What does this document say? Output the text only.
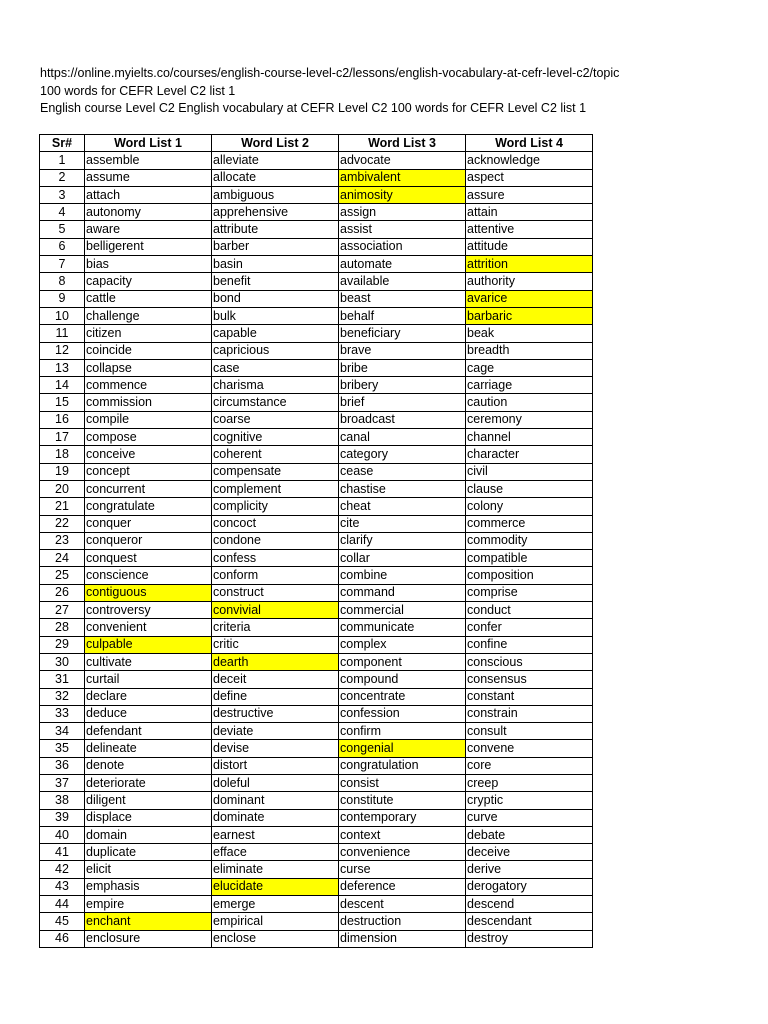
https://online.myielts.co/courses/english-course-level-c2/lessons/english-vocabulary-at-cefr-level-c2/topic
100 words for CEFR Level C2 list 1
English course Level C2 English vocabulary at CEFR Level C2 100 words for CEFR Level C2 list 1
Sr#	Word List 1	Word List 2	Word List 3	Word List 4
1	assemble	alleviate	advocate	acknowledge
2	assume	allocate	ambivalent	aspect
3	attach	ambiguous	animosity	assure
4	autonomy	apprehensive	assign	attain
5	aware	attribute	assist	attentive
6	belligerent	barber	association	attitude
7	bias	basin	automate	attrition
8	capacity	benefit	available	authority
9	cattle	bond	beast	avarice
10	challenge	bulk	behalf	barbaric
11	citizen	capable	beneficiary	beak
12	coincide	capricious	brave	breadth
13	collapse	case	bribe	cage
14	commence	charisma	bribery	carriage
15	commission	circumstance	brief	caution
16	compile	coarse	broadcast	ceremony
17	compose	cognitive	canal	channel
18	conceive	coherent	category	character
19	concept	compensate	cease	civil
20	concurrent	complement	chastise	clause
21	congratulate	complicity	cheat	colony
22	conquer	concoct	cite	commerce
23	conqueror	condone	clarify	commodity
24	conquest	confess	collar	compatible
25	conscience	conform	combine	composition
26	contiguous	construct	command	comprise
27	controversy	convivial	commercial	conduct
28	convenient	criteria	communicate	confer
29	culpable	critic	complex	confine
30	cultivate	dearth	component	conscious
31	curtail	deceit	compound	consensus
32	declare	define	concentrate	constant
33	deduce	destructive	confession	constrain
34	defendant	deviate	confirm	consult
35	delineate	devise	congenial	convene
36	denote	distort	congratulation	core
37	deteriorate	doleful	consist	creep
38	diligent	dominant	constitute	cryptic
39	displace	dominate	contemporary	curve
40	domain	earnest	context	debate
41	duplicate	efface	convenience	deceive
42	elicit	eliminate	curse	derive
43	emphasis	elucidate	deference	derogatory
44	empire	emerge	descent	descend
45	enchant	empirical	destruction	descendant
46	enclosure	enclose	dimension	destroy
